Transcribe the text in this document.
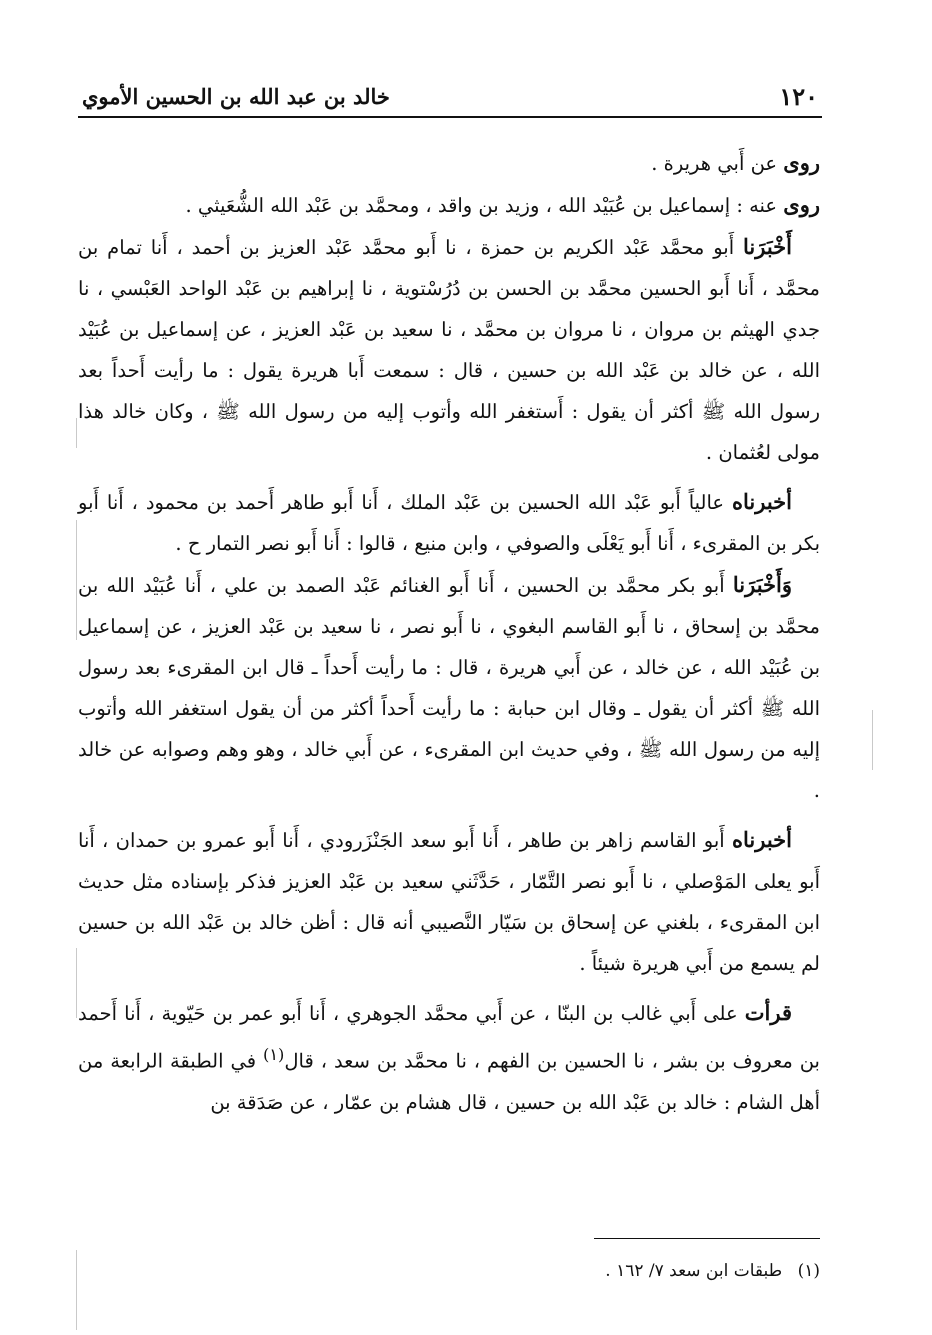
١٢٠
خالد بن عبد الله بن الحسين الأموي

روى عن أَبي هريرة .

روى عنه : إسماعيل بن عُبَيْد الله ، وزيد بن واقد ، ومحمَّد بن عَبْد الله الشُّعَيثي .

أَخْبَرَنا أَبو محمَّد عَبْد الكريم بن حمزة ، نا أَبو محمَّد عَبْد العزيز بن أحمد ، أَنا تمام بن محمَّد ، أَنا أَبو الحسين محمَّد بن الحسن بن دُرُسْتوية ، نا إبراهيم بن عَبْد الواحد العَبْسي ، نا جدي الهيثم بن مروان ، نا مروان بن محمَّد ، نا سعيد بن عَبْد العزيز ، عن إسماعيل بن عُبَيْد الله ، عن خالد بن عَبْد الله بن حسين ، قال : سمعت أَبا هريرة يقول : ما رأيت أَحداً بعد رسول الله ﷺ أكثر أن يقول : أَستغفر الله وأتوب إليه من رسول الله ﷺ ، وكان خالد هذا مولى لعُثمان .

أخبرناه عالياً أَبو عَبْد الله الحسين بن عَبْد الملك ، أَنا أَبو طاهر أَحمد بن محمود ، أَنا أَبو بكر بن المقرىء ، أَنا أَبو يَعْلَى والصوفي ، وابن منيع ، قالوا : أَنا أَبو نصر التمار ح .

وَأَخْبَرَنا أَبو بكر محمَّد بن الحسين ، أَنا أَبو الغنائم عَبْد الصمد بن علي ، أَنا عُبَيْد الله بن محمَّد بن إسحاق ، نا أَبو القاسم البغوي ، نا أَبو نصر ، نا سعيد بن عَبْد العزيز ، عن إسماعيل بن عُبَيْد الله ، عن خالد ، عن أَبي هريرة ، قال : ما رأيت أَحداً ـ قال ابن المقرىء بعد رسول الله ﷺ أكثر أن يقول ـ وقال ابن حبابة : ما رأيت أَحداً أكثر من أن يقول استغفر الله وأتوب إليه من رسول الله ﷺ ، وفي حديث ابن المقرىء ، عن أَبي خالد ، وهو وهم وصوابه عن خالد .

أخبرناه أَبو القاسم زاهر بن طاهر ، أَنا أَبو سعد الجَنْزَرودي ، أَنا أَبو عمرو بن حمدان ، أَنا أَبو يعلى المَوْصلي ، نا أَبو نصر التَّمّار ، حَدَّثَني سعيد بن عَبْد العزيز فذكر بإسناده مثل حديث ابن المقرىء ، بلغني عن إسحاق بن سَيّار النَّصيبي أنه قال : أظن خالد بن عَبْد الله بن حسين لم يسمع من أَبي هريرة شيئاً .

قرأت على أَبي غالب بن البنّا ، عن أَبي محمَّد الجوهري ، أَنا أَبو عمر بن حَيّوية ، أَنا أَحمد بن معروف بن بشر ، نا الحسين بن الفهم ، نا محمَّد بن سعد ، قال$^{(١)}$ في الطبقة الرابعة من أهل الشام : خالد بن عَبْد الله بن حسين ، قال هشام بن عمّار ، عن صَدَقة بن

(١) طبقات ابن سعد ٧/ ١٦٢ .
